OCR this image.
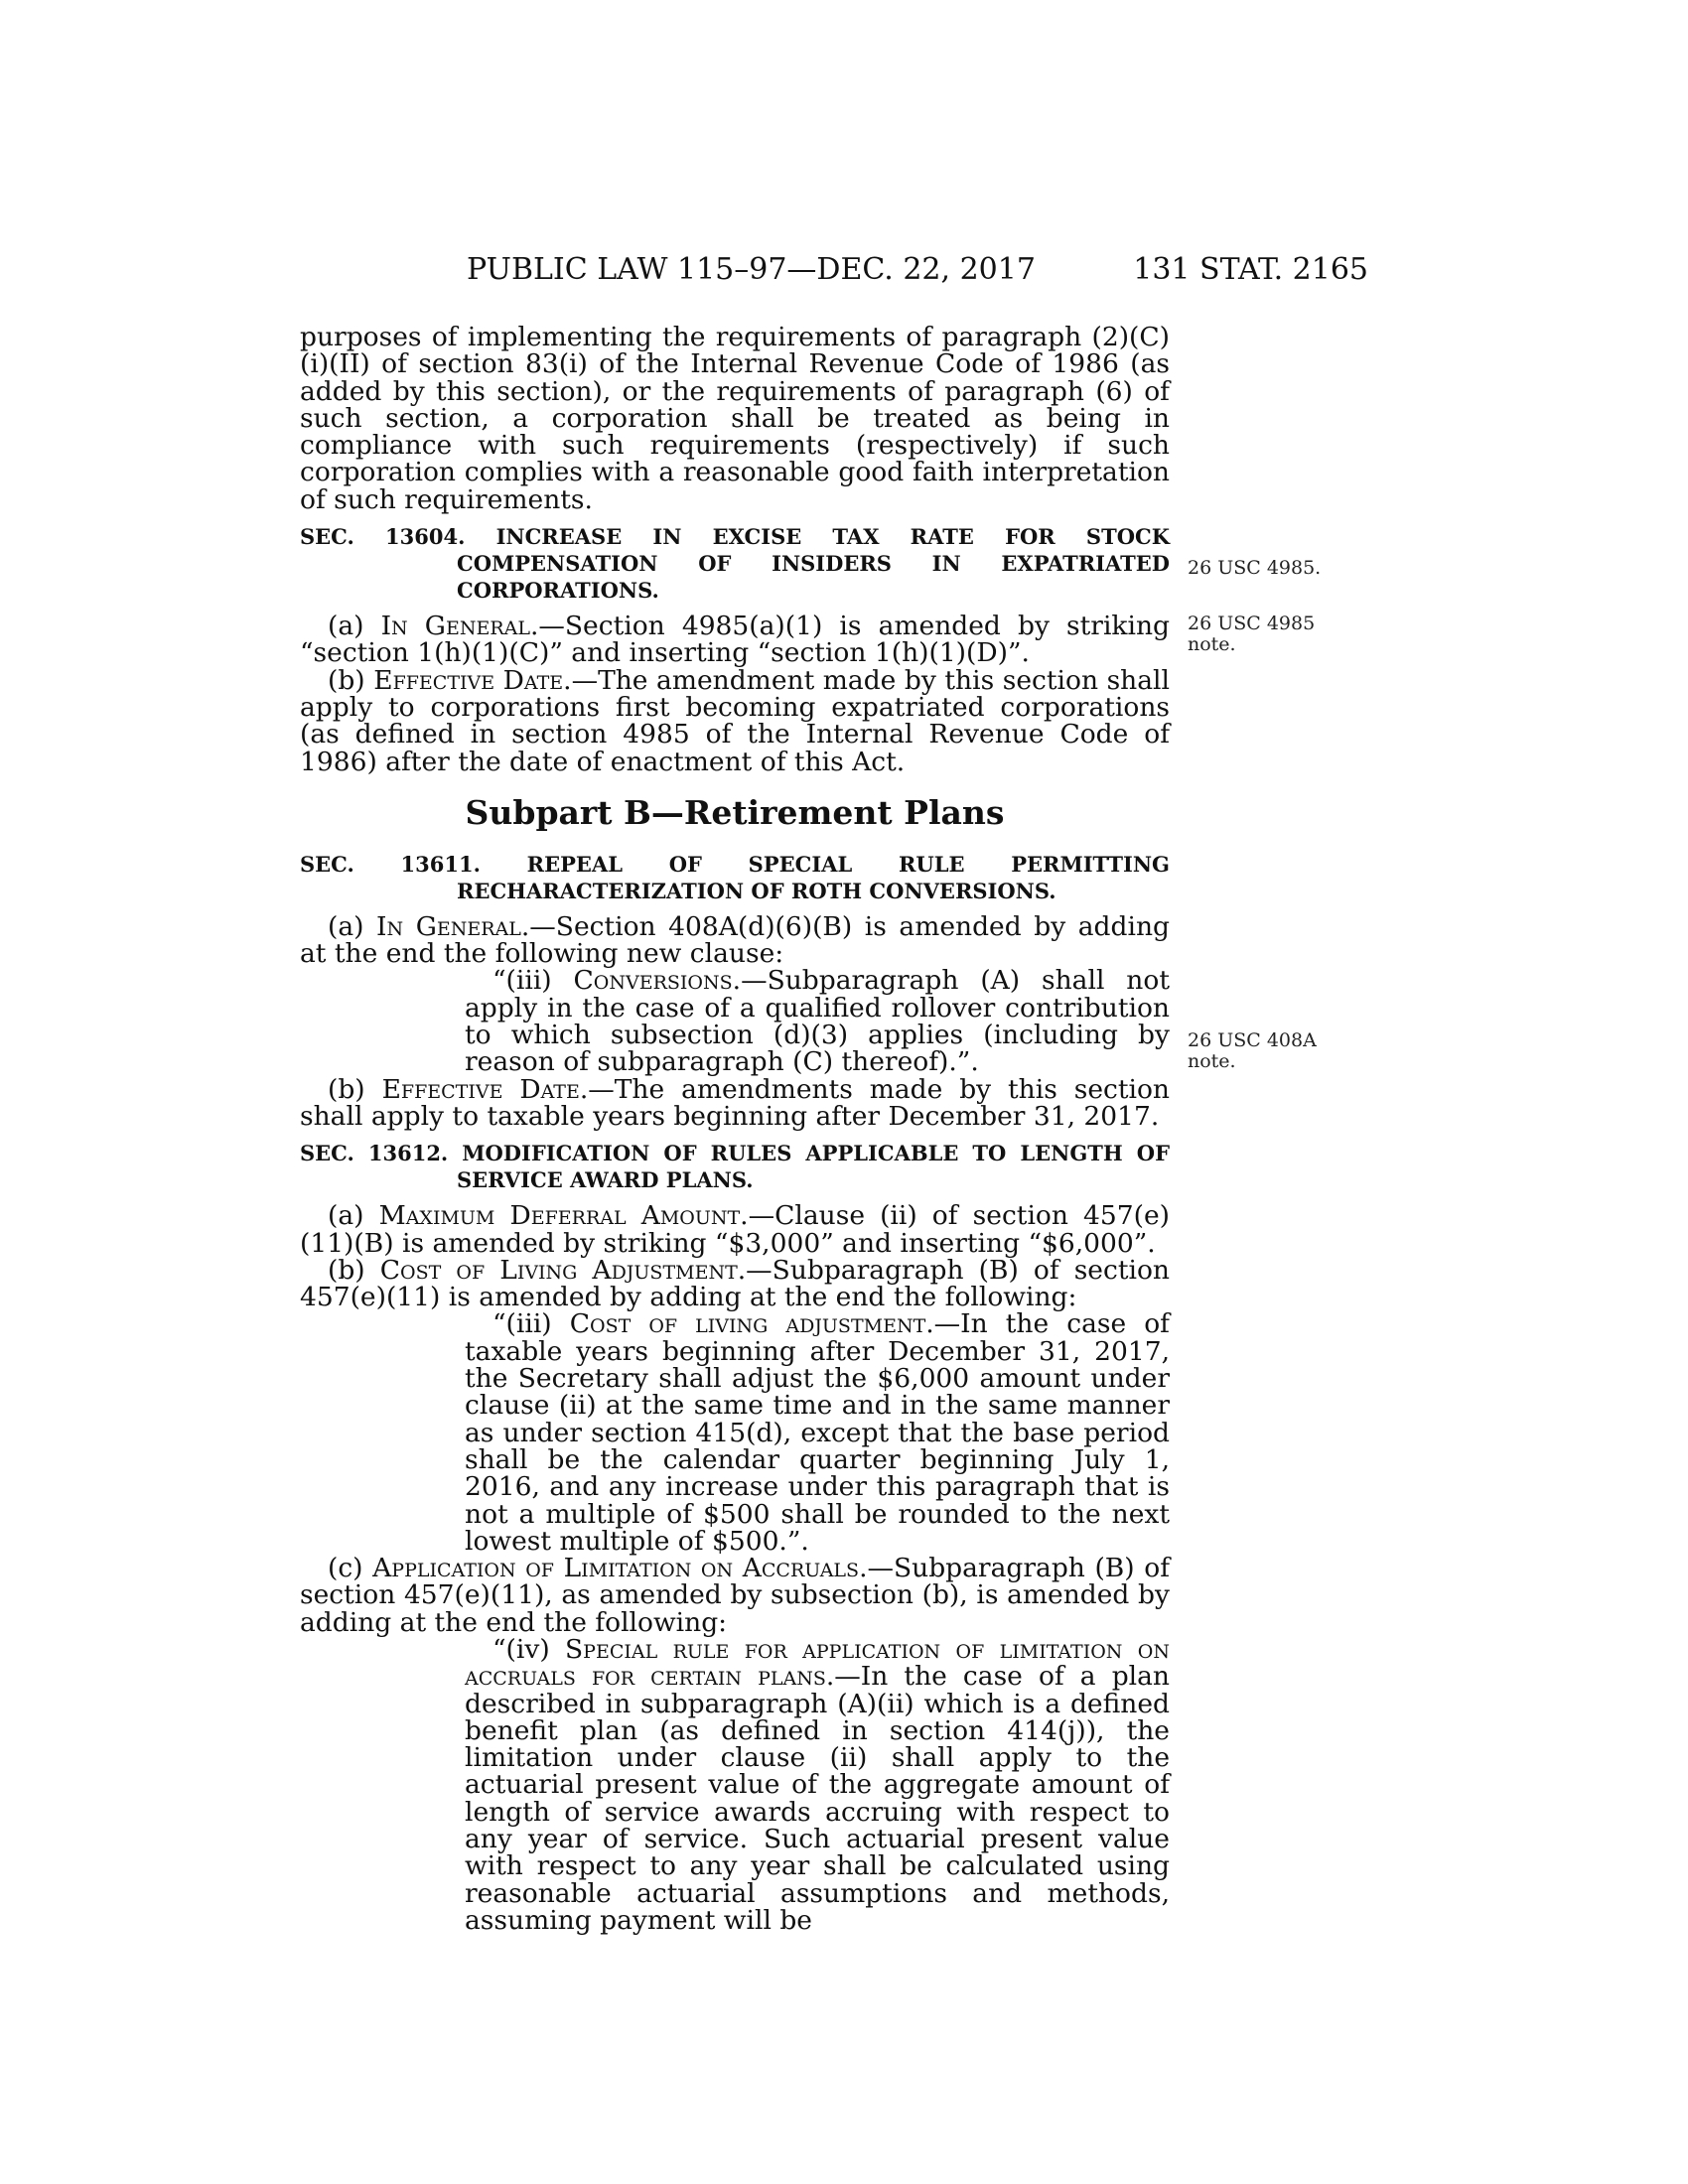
PUBLIC LAW 115–97—DEC. 22, 2017	131 STAT. 2165

purposes of implementing the requirements of paragraph (2)(C)(i)(II) of section 83(i) of the Internal Revenue Code of 1986 (as added by this section), or the requirements of paragraph (6) of such section, a corporation shall be treated as being in compliance with such requirements (respectively) if such corporation complies with a reasonable good faith interpretation of such requirements.

SEC. 13604. INCREASE IN EXCISE TAX RATE FOR STOCK COMPENSATION OF INSIDERS IN EXPATRIATED CORPORATIONS.

(a) In General.—Section 4985(a)(1) is amended by striking “section 1(h)(1)(C)” and inserting “section 1(h)(1)(D)”.

(b) Effective Date.—The amendment made by this section shall apply to corporations first becoming expatriated corporations (as defined in section 4985 of the Internal Revenue Code of 1986) after the date of enactment of this Act.

Subpart B—Retirement Plans

SEC. 13611. REPEAL OF SPECIAL RULE PERMITTING RECHARACTERIZATION OF ROTH CONVERSIONS.

(a) In General.—Section 408A(d)(6)(B) is amended by adding at the end the following new clause:

“(iii) Conversions.—Subparagraph (A) shall not apply in the case of a qualified rollover contribution to which subsection (d)(3) applies (including by reason of subparagraph (C) thereof).”.

(b) Effective Date.—The amendments made by this section shall apply to taxable years beginning after December 31, 2017.

SEC. 13612. MODIFICATION OF RULES APPLICABLE TO LENGTH OF SERVICE AWARD PLANS.

(a) Maximum Deferral Amount.—Clause (ii) of section 457(e)(11)(B) is amended by striking “$3,000” and inserting “$6,000”.

(b) Cost of Living Adjustment.—Subparagraph (B) of section 457(e)(11) is amended by adding at the end the following:

“(iii) Cost of living adjustment.—In the case of taxable years beginning after December 31, 2017, the Secretary shall adjust the $6,000 amount under clause (ii) at the same time and in the same manner as under section 415(d), except that the base period shall be the calendar quarter beginning July 1, 2016, and any increase under this paragraph that is not a multiple of $500 shall be rounded to the next lowest multiple of $500.”.

(c) Application of Limitation on Accruals.—Subparagraph (B) of section 457(e)(11), as amended by subsection (b), is amended by adding at the end the following:

“(iv) Special rule for application of limitation on accruals for certain plans.—In the case of a plan described in subparagraph (A)(ii) which is a defined benefit plan (as defined in section 414(j)), the limitation under clause (ii) shall apply to the actuarial present value of the aggregate amount of length of service awards accruing with respect to any year of service. Such actuarial present value with respect to any year shall be calculated using reasonable actuarial assumptions and methods, assuming payment will be

26 USC 4985.
26 USC 4985
note.
26 USC 408A
note.
